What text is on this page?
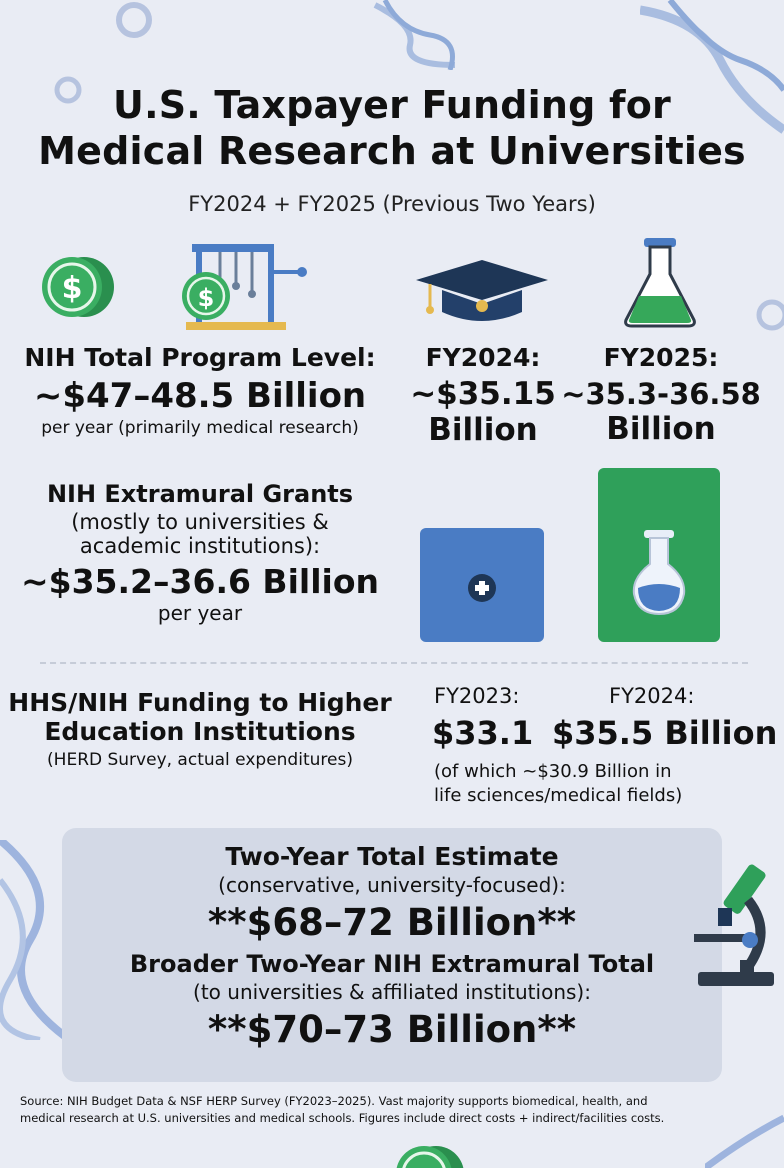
U.S. Taxpayer Funding for
Medical Research at Universities
FY2024 + FY2025 (Previous Two Years)
$	$
NIH Total Program Level:
~$47–48.5 Billion
per year (primarily medical research)
FY2024:
~$35.15
Billion
FY2025:
~35.3-36.58
Billion
NIH Extramural Grants
(mostly to universities &
academic institutions):
~$35.2–36.6 Billion
per year
HHS/NIH Funding to Higher
Education Institutions
(HERD Survey, actual expenditures)
FY2023:	FY2024:
$33.1 $35.5 Billion
(of which ~$30.9 Billion in
life sciences/medical fields)
Two-Year Total Estimate
(conservative, university-focused):
**$68–72 Billion**
Broader Two-Year NIH Extramural Total
(to universities & affiliated institutions):
**$70–73 Billion**
Source: NIH Budget Data & NSF HERP Survey (FY2023–2025). Vast majority supports biomedical, health, and
medical research at U.S. universities and medical schools. Figures include direct costs + indirect/facilities costs.
